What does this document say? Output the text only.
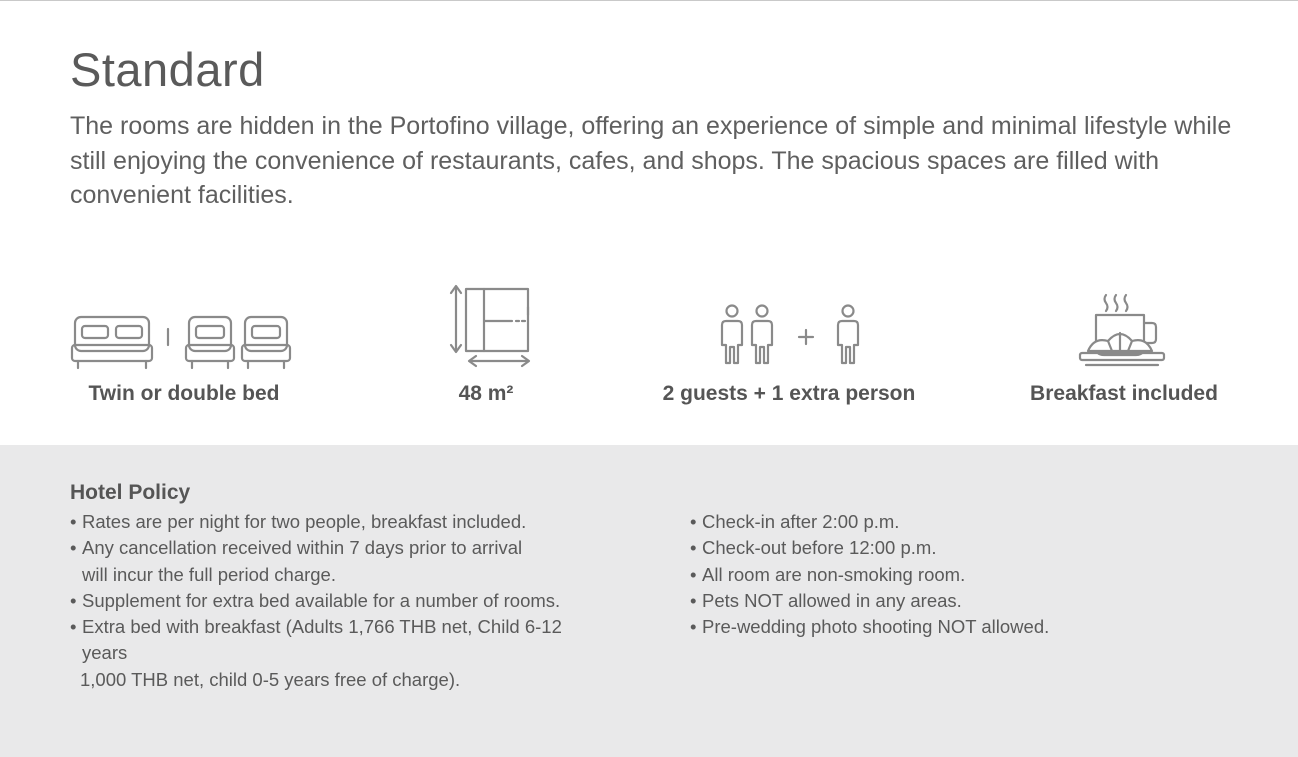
Standard

The rooms are hidden in the Portofino village, offering an experience of simple and minimal lifestyle while still enjoying the convenience of restaurants, cafes, and shops. The spacious spaces are filled with convenient facilities.

Twin or double bed	48 m²	2 guests + 1 extra person	Breakfast included
Hotel Policy
• Rates are per night for two people, breakfast included.
• Any cancellation received within 7 days prior to arrival
will incur the full period charge.
• Supplement for extra bed available for a number of rooms.
• Extra bed with breakfast (Adults 1,766 THB net, Child 6-12
years
1,000 THB net, child 0-5 years free of charge).
• Check-in after 2:00 p.m.
• Check-out before 12:00 p.m.
• All room are non-smoking room.
• Pets NOT allowed in any areas.
• Pre-wedding photo shooting NOT allowed.
